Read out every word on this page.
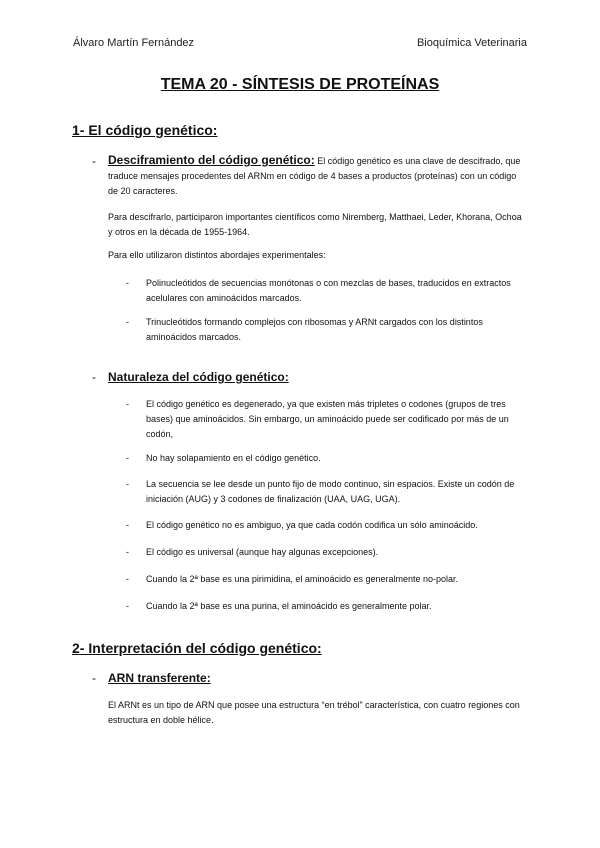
Álvaro Martín Fernández	Bioquímica Veterinaria
TEMA 20 - SÍNTESIS DE PROTEÍNAS
1- El código genético:
- Desciframiento del código genético: El código genético es una clave de descifrado, que traduce mensajes procedentes del ARNm en código de 4 bases a productos (proteínas) con un código de 20 caracteres.
Para descifrarlo, participaron importantes científicos como Niremberg, Matthaei, Leder, Khorana, Ochoa y otros en la década de 1955-1964.
Para ello utilizaron distintos abordajes experimentales:
- Polinucleótidos de secuencias monótonas o con mezclas de bases, traducidos en extractos acelulares con aminoácidos marcados.
- Trinucleótidos formando complejos con ribosomas y ARNt cargados con los distintos aminoácidos marcados.
- Naturaleza del código genético:
- El código genético es degenerado, ya que existen más tripletes o codones (grupos de tres bases) que aminoácidos. Sin embargo, un aminoácido puede ser codificado por más de un codón,
- No hay solapamiento en el código genético.
- La secuencia se lee desde un punto fijo de modo continuo, sin espacios. Existe un codón de iniciación (AUG) y 3 codones de finalización (UAA, UAG, UGA).
- El código genético no es ambiguo, ya que cada codón codifica un sólo aminoácido.
- El código es universal (aunque hay algunas excepciones).
- Cuando la 2ª base es una pirimidina, el aminoácido es generalmente no-polar.
- Cuando la 2ª base es una purina, el aminoácido es generalmente polar.
2- Interpretación del código genético:
- ARN transferente:
El ARNt es un tipo de ARN que posee una estructura “en trébol” característica, con cuatro regiones con estructura en doble hélice.
